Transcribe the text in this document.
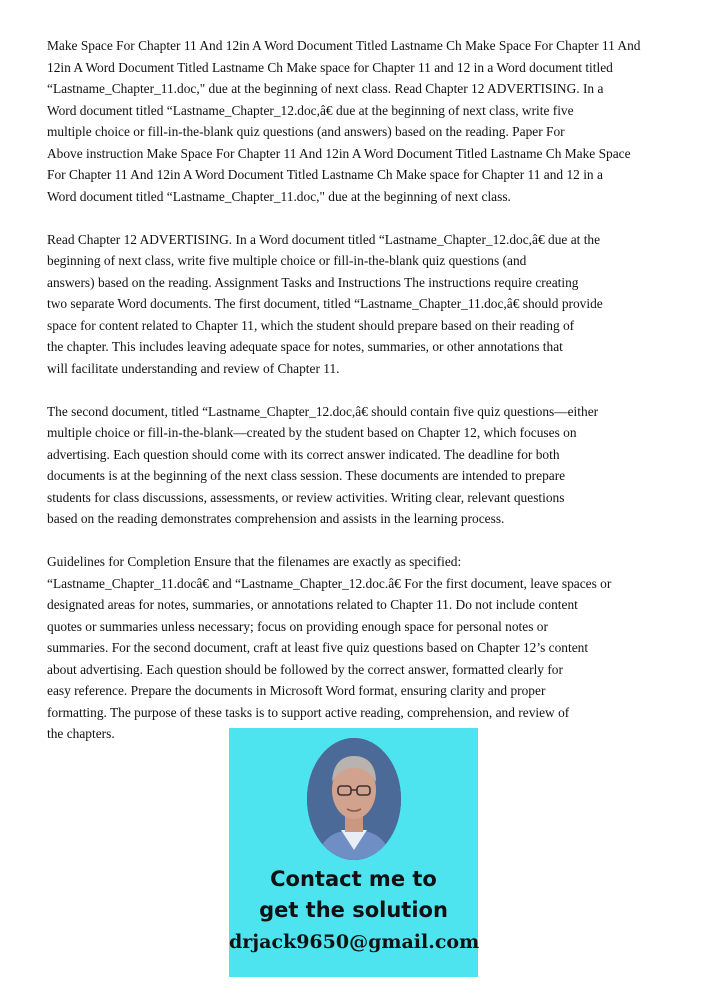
Make Space For Chapter 11 And 12in A Word Document Titled Lastname Ch Make Space For Chapter 11 And
12in A Word Document Titled Lastname Ch Make space for Chapter 11 and 12 in a Word document titled
“Lastname_Chapter_11.doc," due at the beginning of next class. Read Chapter 12 ADVERTISING. In a
Word document titled “Lastname_Chapter_12.doc,â€ due at the beginning of next class, write five
multiple choice or fill-in-the-blank quiz questions (and answers) based on the reading. Paper For
Above instruction Make Space For Chapter 11 And 12in A Word Document Titled Lastname Ch Make Space
For Chapter 11 And 12in A Word Document Titled Lastname Ch Make space for Chapter 11 and 12 in a
Word document titled “Lastname_Chapter_11.doc," due at the beginning of next class.
Read Chapter 12 ADVERTISING. In a Word document titled “Lastname_Chapter_12.doc,â€ due at the
beginning of next class, write five multiple choice or fill-in-the-blank quiz questions (and
answers) based on the reading. Assignment Tasks and Instructions The instructions require creating
two separate Word documents. The first document, titled “Lastname_Chapter_11.doc,â€ should provide
space for content related to Chapter 11, which the student should prepare based on their reading of
the chapter. This includes leaving adequate space for notes, summaries, or other annotations that
will facilitate understanding and review of Chapter 11.
The second document, titled “Lastname_Chapter_12.doc,â€ should contain five quiz questions—either
multiple choice or fill-in-the-blank—created by the student based on Chapter 12, which focuses on
advertising. Each question should come with its correct answer indicated. The deadline for both
documents is at the beginning of the next class session. These documents are intended to prepare
students for class discussions, assessments, or review activities. Writing clear, relevant questions
based on the reading demonstrates comprehension and assists in the learning process.
Guidelines for Completion Ensure that the filenames are exactly as specified:
“Lastname_Chapter_11.docâ€ and “Lastname_Chapter_12.doc.â€ For the first document, leave spaces or
designated areas for notes, summaries, or annotations related to Chapter 11. Do not include content
quotes or summaries unless necessary; focus on providing enough space for personal notes or
summaries. For the second document, craft at least five quiz questions based on Chapter 12’s content
about advertising. Each question should be followed by the correct answer, formatted clearly for
easy reference. Prepare the documents in Microsoft Word format, ensuring clarity and proper
formatting. The purpose of these tasks is to support active reading, comprehension, and review of
the chapters.
Contact me to
get the solution
drjack9650@gmail.com
